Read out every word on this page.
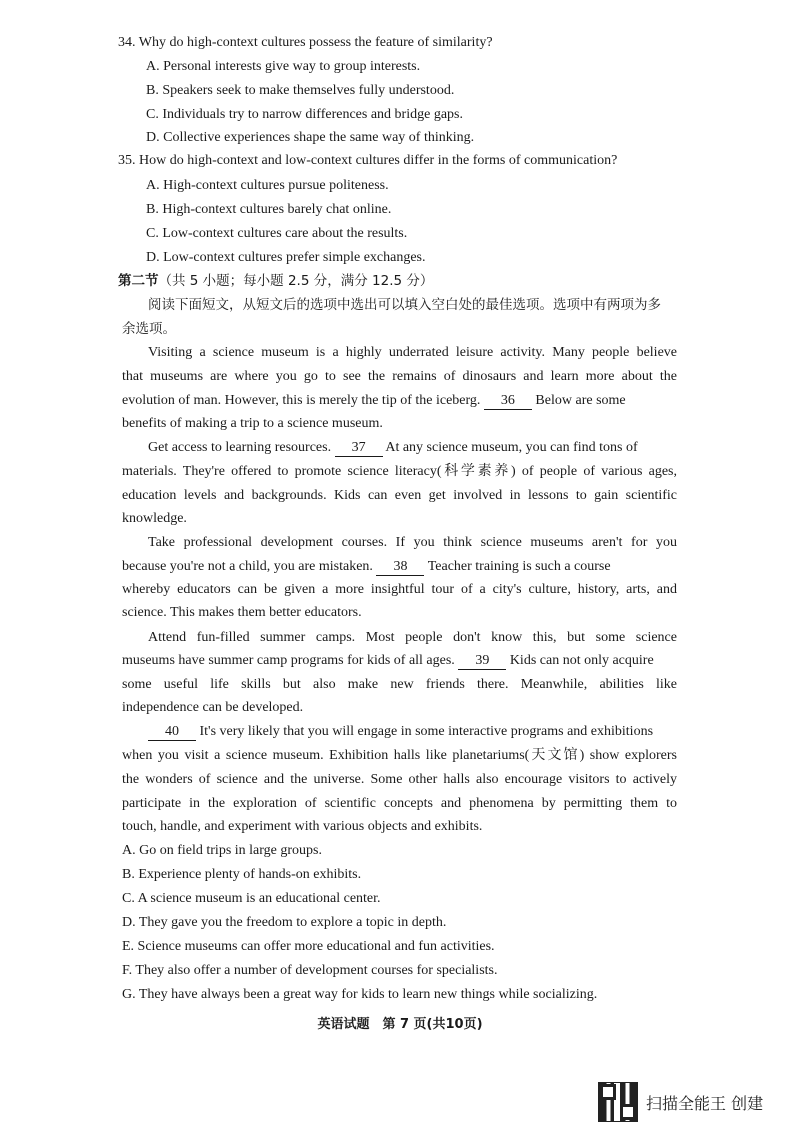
34. Why do high-context cultures possess the feature of similarity?
A. Personal interests give way to group interests.
B. Speakers seek to make themselves fully understood.
C. Individuals try to narrow differences and bridge gaps.
D. Collective experiences shape the same way of thinking.
35. How do high-context and low-context cultures differ in the forms of communication?
A. High-context cultures pursue politeness.
B. High-context cultures barely chat online.
C. Low-context cultures care about the results.
D. Low-context cultures prefer simple exchanges.
第二节（共 5 小题；每小题 2.5 分，满分 12.5 分）
阅读下面短文，从短文后的选项中选出可以填入空白处的最佳选项。选项中有两项为多
余选项。
Visiting a science museum is a highly underrated leisure activity. Many people believe
that museums are where you go to see the remains of dinosaurs and learn more about the
evolution of man. However, this is merely the tip of the iceberg. 36 Below are some
benefits of making a trip to a science museum.
Get access to learning resources. 37 At any science museum, you can find tons of
materials. They're offered to promote science literacy(科学素养) of people of various ages,
education levels and backgrounds. Kids can even get involved in lessons to gain scientific
knowledge.
Take professional development courses. If you think science museums aren't for you
because you're not a child, you are mistaken. 38 Teacher training is such a course
whereby educators can be given a more insightful tour of a city's culture, history, arts, and
science. This makes them better educators.
Attend fun-filled summer camps. Most people don't know this, but some science
museums have summer camp programs for kids of all ages. 39 Kids can not only acquire
some useful life skills but also make new friends there. Meanwhile, abilities like
independence can be developed.
40 It's very likely that you will engage in some interactive programs and exhibitions
when you visit a science museum. Exhibition halls like planetariums(天文馆) show explorers
the wonders of science and the universe. Some other halls also encourage visitors to actively
participate in the exploration of scientific concepts and phenomena by permitting them to
touch, handle, and experiment with various objects and exhibits.
A. Go on field trips in large groups.
B. Experience plenty of hands-on exhibits.
C. A science museum is an educational center.
D. They gave you the freedom to explore a topic in depth.
E. Science museums can offer more educational and fun activities.
F. They also offer a number of development courses for specialists.
G. They have always been a great way for kids to learn new things while socializing.
英语试题　第 7 页(共10页)
扫描全能王 创建
